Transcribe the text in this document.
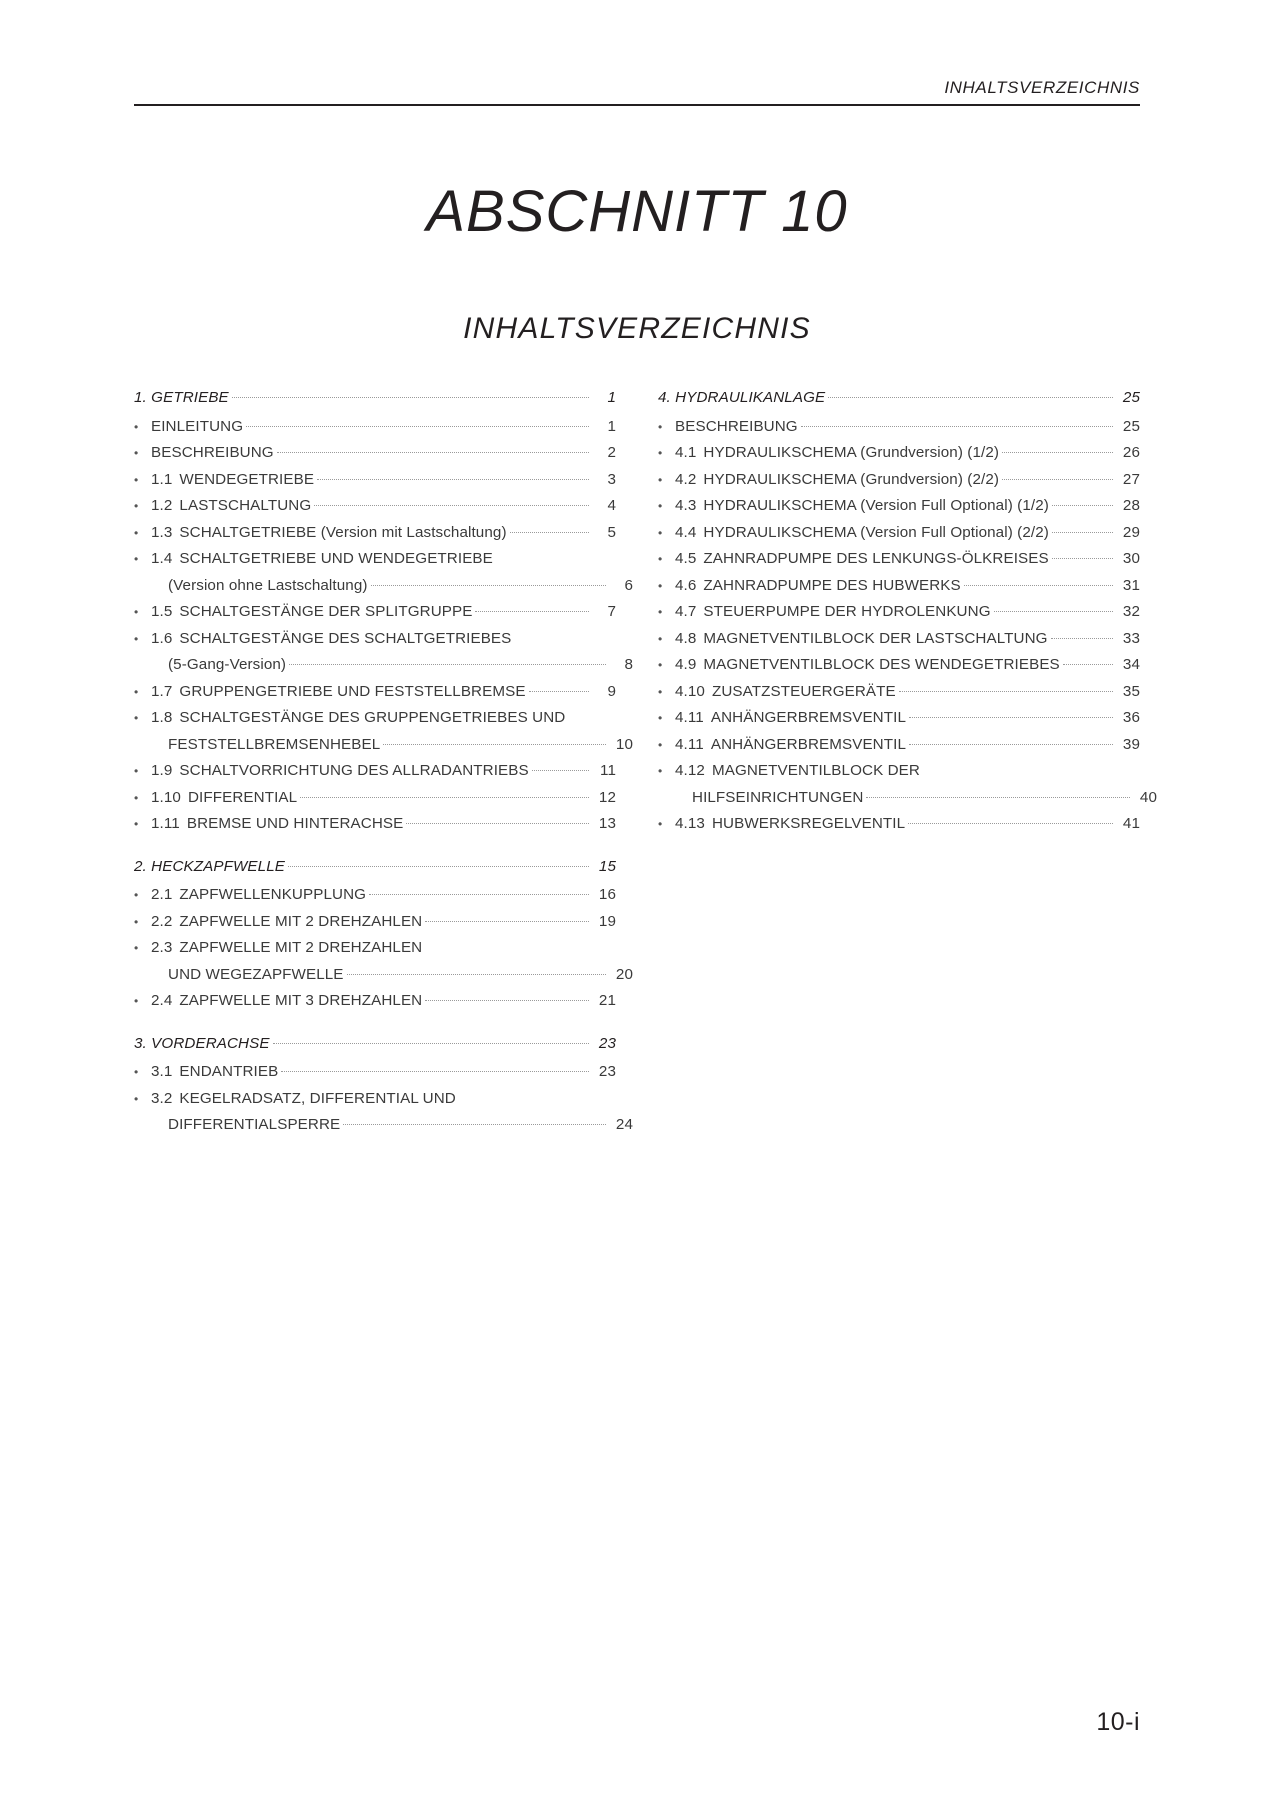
INHALTSVERZEICHNIS
ABSCHNITT 10
INHALTSVERZEICHNIS
1. GETRIEBE	1
• EINLEITUNG	1
• BESCHREIBUNG	2
• 1.1 WENDEGETRIEBE	3
• 1.2 LASTSCHALTUNG	4
• 1.3 SCHALTGETRIEBE (Version mit Lastschaltung)	5
• 1.4 SCHALTGETRIEBE UND WENDEGETRIEBE
(Version ohne Lastschaltung)	6
• 1.5 SCHALTGESTÄNGE DER SPLITGRUPPE	7
• 1.6 SCHALTGESTÄNGE DES SCHALTGETRIEBES
(5-Gang-Version)	8
• 1.7 GRUPPENGETRIEBE UND FESTSTELLBREMSE	9
• 1.8 SCHALTGESTÄNGE DES GRUPPENGETRIEBES UND
FESTSTELLBREMSENHEBEL	10
• 1.9 SCHALTVORRICHTUNG DES ALLRADANTRIEBS	11
• 1.10 DIFFERENTIAL	12
• 1.11 BREMSE UND HINTERACHSE	13
2. HECKZAPFWELLE	15
• 2.1 ZAPFWELLENKUPPLUNG	16
• 2.2 ZAPFWELLE MIT 2 DREHZAHLEN	19
• 2.3 ZAPFWELLE MIT 2 DREHZAHLEN
UND WEGEZAPFWELLE	20
• 2.4 ZAPFWELLE MIT 3 DREHZAHLEN	21
3. VORDERACHSE	23
• 3.1 ENDANTRIEB	23
• 3.2 KEGELRADSATZ, DIFFERENTIAL UND
DIFFERENTIALSPERRE	24
4. HYDRAULIKANLAGE	25
• BESCHREIBUNG	25
• 4.1 HYDRAULIKSCHEMA (Grundversion) (1/2)	26
• 4.2 HYDRAULIKSCHEMA (Grundversion) (2/2)	27
• 4.3 HYDRAULIKSCHEMA (Version Full Optional) (1/2)	28
• 4.4 HYDRAULIKSCHEMA (Version Full Optional) (2/2)	29
• 4.5 ZAHNRADPUMPE DES LENKUNGS-ÖLKREISES	30
• 4.6 ZAHNRADPUMPE DES HUBWERKS	31
• 4.7 STEUERPUMPE DER HYDROLENKUNG	32
• 4.8 MAGNETVENTILBLOCK DER LASTSCHALTUNG	33
• 4.9 MAGNETVENTILBLOCK DES WENDEGETRIEBES	34
• 4.10 ZUSATZSTEUERGERÄTE	35
• 4.11 ANHÄNGERBREMSVENTIL	36
• 4.11 ANHÄNGERBREMSVENTIL	39
• 4.12 MAGNETVENTILBLOCK DER
HILFSEINRICHTUNGEN	40
• 4.13 HUBWERKSREGELVENTIL	41
10-i
